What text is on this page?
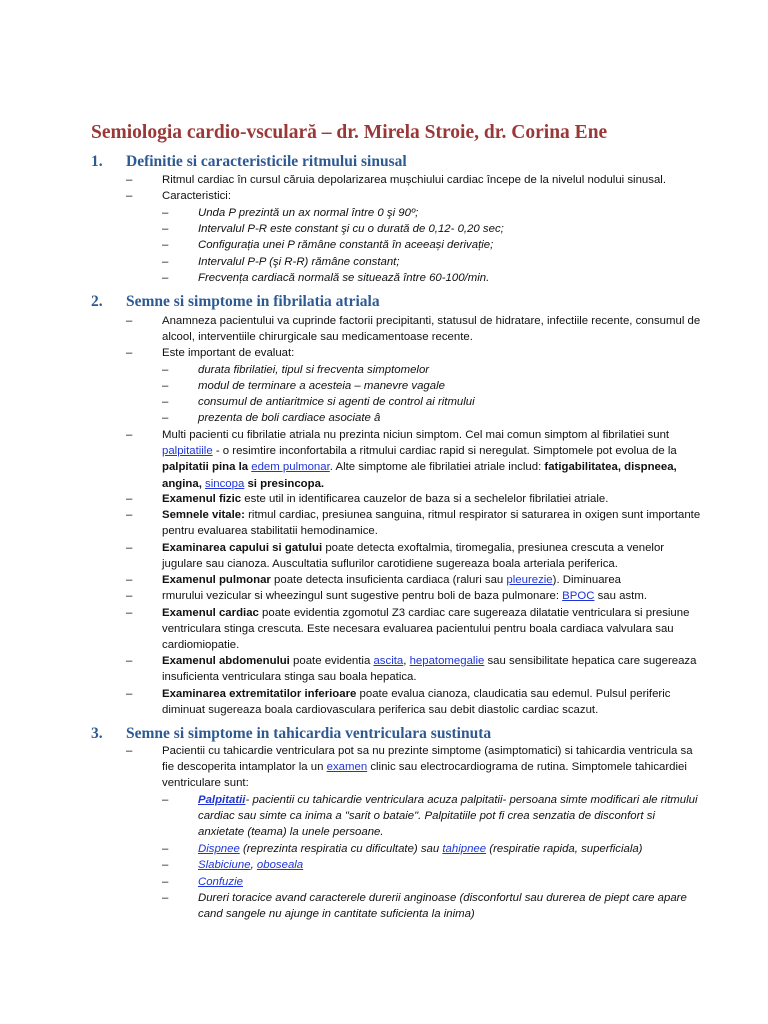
Semiologia cardio-vsculară – dr. Mirela Stroie, dr. Corina Ene
1. Definitie si caracteristicile ritmului sinusal
–	Ritmul cardiac în cursul căruia depolarizarea mușchiului cardiac începe de la nivelul nodului sinusal.
–	Caracteristici:
–	Unda P prezintă un ax normal între 0 şi 90º;
–	Intervalul P-R este constant şi cu o durată de 0,12- 0,20 sec;
–	Configurația unei P rămâne constantă în aceeași derivație;
–	Intervalul P-P (şi R-R) rămâne constant;
–	Frecvența cardiacă normală se situează între 60-100/min.
2. Semne si simptome in fibrilatia atriala
–	Anamneza pacientului va cuprinde factorii precipitanti, statusul de hidratare, infectiile recente, consumul de alcool, interventiile chirurgicale sau medicamentoase recente.
–	Este important de evaluat:
–	durata fibrilatiei, tipul si frecventa simptomelor
–	modul de terminare a acesteia – manevre vagale
–	consumul de antiaritmice si agenti de control ai ritmului
–	prezenta de boli cardiace asociate â
–	Multi pacienti cu fibrilatie atriala nu prezinta niciun simptom. Cel mai comun simptom al fibrilatiei sunt palpitatiile - o resimtire inconfortabila a ritmului cardiac rapid si neregulat. Simptomele pot evolua de la palpitatii pina la edem pulmonar. Alte simptome ale fibrilatiei atriale includ: fatigabilitatea, dispneea, angina, sincopa si presincopa.
–	Examenul fizic este util in identificarea cauzelor de baza si a sechelelor fibrilatiei atriale.
–	Semnele vitale: ritmul cardiac, presiunea sanguina, ritmul respirator si saturarea in oxigen sunt importante pentru evaluarea stabilitatii hemodinamice.
–	Examinarea capului si gatului poate detecta exoftalmia, tiromegalia, presiunea crescuta a venelor jugulare sau cianoza. Auscultatia suflurilor carotidiene sugereaza boala arteriala periferica.
–	Examenul pulmonar poate detecta insuficienta cardiaca (raluri sau pleurezie). Diminuarea
–	rmurului vezicular si wheezingul sunt sugestive pentru boli de baza pulmonare: BPOC sau astm.
–	Examenul cardiac poate evidentia zgomotul Z3 cardiac care sugereaza dilatatie ventriculara si presiune ventriculara stinga crescuta. Este necesara evaluarea pacientului pentru boala cardiaca valvulara sau cardiomiopatie.
–	Examenul abdomenului poate evidentia ascita, hepatomegalie sau sensibilitate hepatica care sugereaza insuficienta ventriculara stinga sau boala hepatica.
–	Examinarea extremitatilor inferioare poate evalua cianoza, claudicatia sau edemul. Pulsul periferic diminuat sugereaza boala cardiovasculara periferica sau debit diastolic cardiac scazut.
3. Semne si simptome in tahicardia ventriculara sustinuta
–	Pacientii cu tahicardie ventriculara pot sa nu prezinte simptome (asimptomatici) si tahicardia ventricula sa fie descoperita intamplator la un examen clinic sau electrocardiograma de rutina. Simptomele tahicardiei ventriculare sunt:
–	Palpitatii- pacientii cu tahicardie ventriculara acuza palpitatii- persoana simte modificari ale ritmului cardiac sau simte ca inima a "sarit o bataie". Palpitatiile pot fi crea senzatia de disconfort si anxietate (teama) la unele persoane.
–	Dispnee (reprezinta respiratia cu dificultate) sau tahipnee (respiratie rapida, superficiala)
–	Slabiciune, oboseala
–	Confuzie
–	Dureri toracice avand caracterele durerii anginoase (disconfortul sau durerea de piept care apare cand sangele nu ajunge in cantitate suficienta la inima)
